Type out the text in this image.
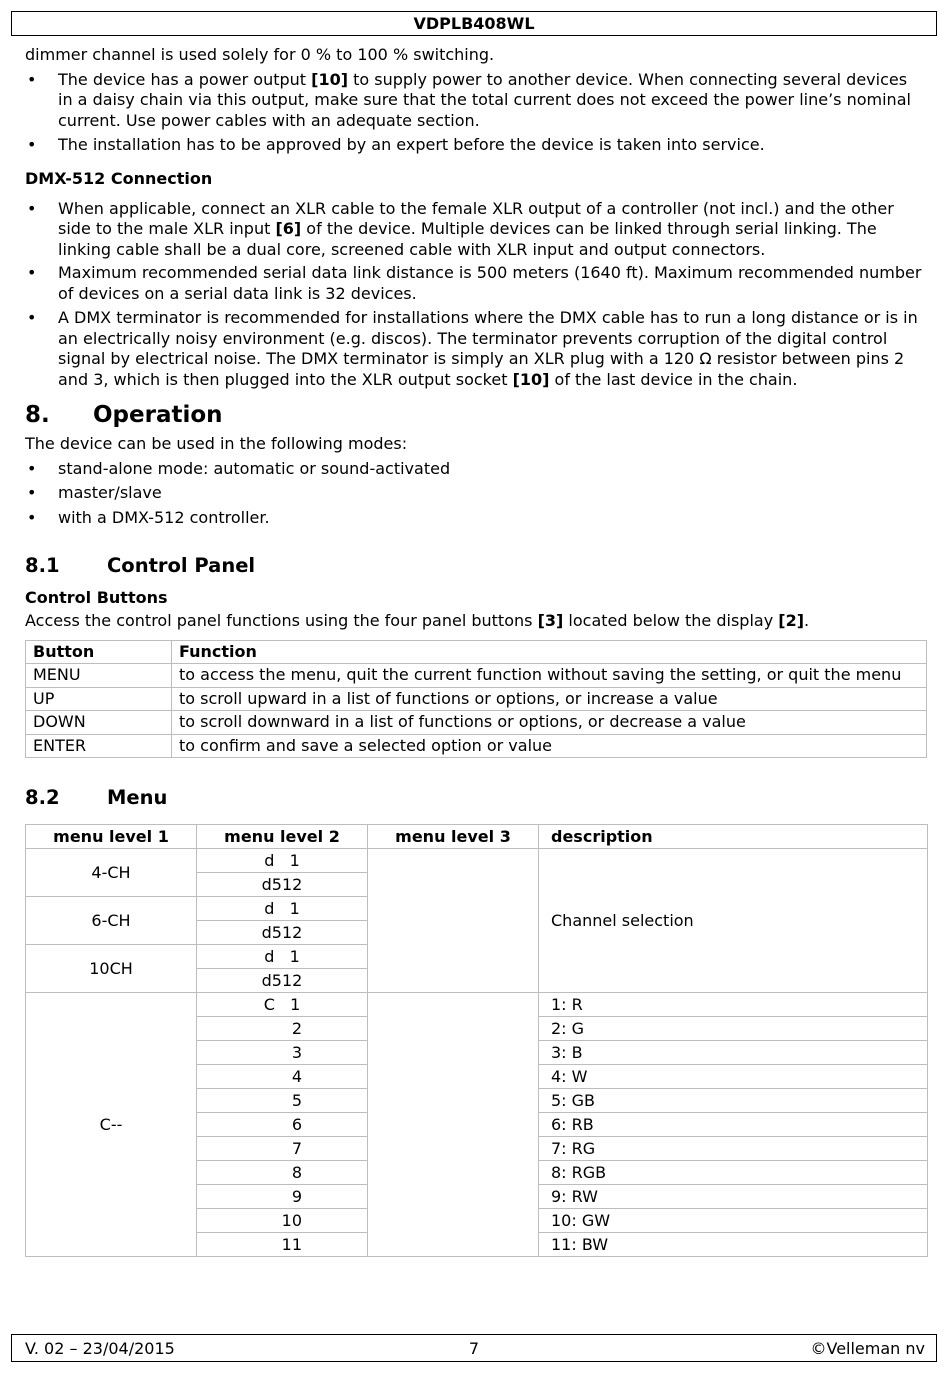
VDPLB408WL

dimmer channel is used solely for 0 % to 100 % switching.

• The device has a power output [10] to supply power to another device. When connecting several devices in a daisy chain via this output, make sure that the total current does not exceed the power line’s nominal current. Use power cables with an adequate section.
• The installation has to be approved by an expert before the device is taken into service.
DMX-512 Connection
• When applicable, connect an XLR cable to the female XLR output of a controller (not incl.) and the other side to the male XLR input [6] of the device. Multiple devices can be linked through serial linking. The linking cable shall be a dual core, screened cable with XLR input and output connectors.
• Maximum recommended serial data link distance is 500 meters (1640 ft). Maximum recommended number of devices on a serial data link is 32 devices.
• A DMX terminator is recommended for installations where the DMX cable has to run a long distance or is in an electrically noisy environment (e.g. discos). The terminator prevents corruption of the digital control signal by electrical noise. The DMX terminator is simply an XLR plug with a 120 Ω resistor between pins 2 and 3, which is then plugged into the XLR output socket [10] of the last device in the chain.
8. Operation

The device can be used in the following modes:

• stand-alone mode: automatic or sound-activated
• master/slave
• with a DMX-512 controller.
8.1 Control Panel
Control Buttons

Access the control panel functions using the four panel buttons [3] located below the display [2].

Button	Function
MENU	to access the menu, quit the current function without saving the setting, or quit the menu
UP	to scroll upward in a list of functions or options, or increase a value
DOWN	to scroll downward in a list of functions or options, or decrease a value
ENTER	to confirm and save a selected option or value
8.2 Menu
menu level 1	menu level 2	menu level 3	description
4-CH	d   1		Channel selection
	d512		
6-CH	d   1		
	d512		
10CH	d   1		
	d512		
C--	C   1		1: R
	2		2: G
	3		3: B
	4		4: W
	5		5: GB
	6		6: RB
	7		7: RG
	8		8: RGB
	9		9: RW
	10		10: GW
	11		11: BW
V. 02 – 23/04/2015	7	©Velleman nv
